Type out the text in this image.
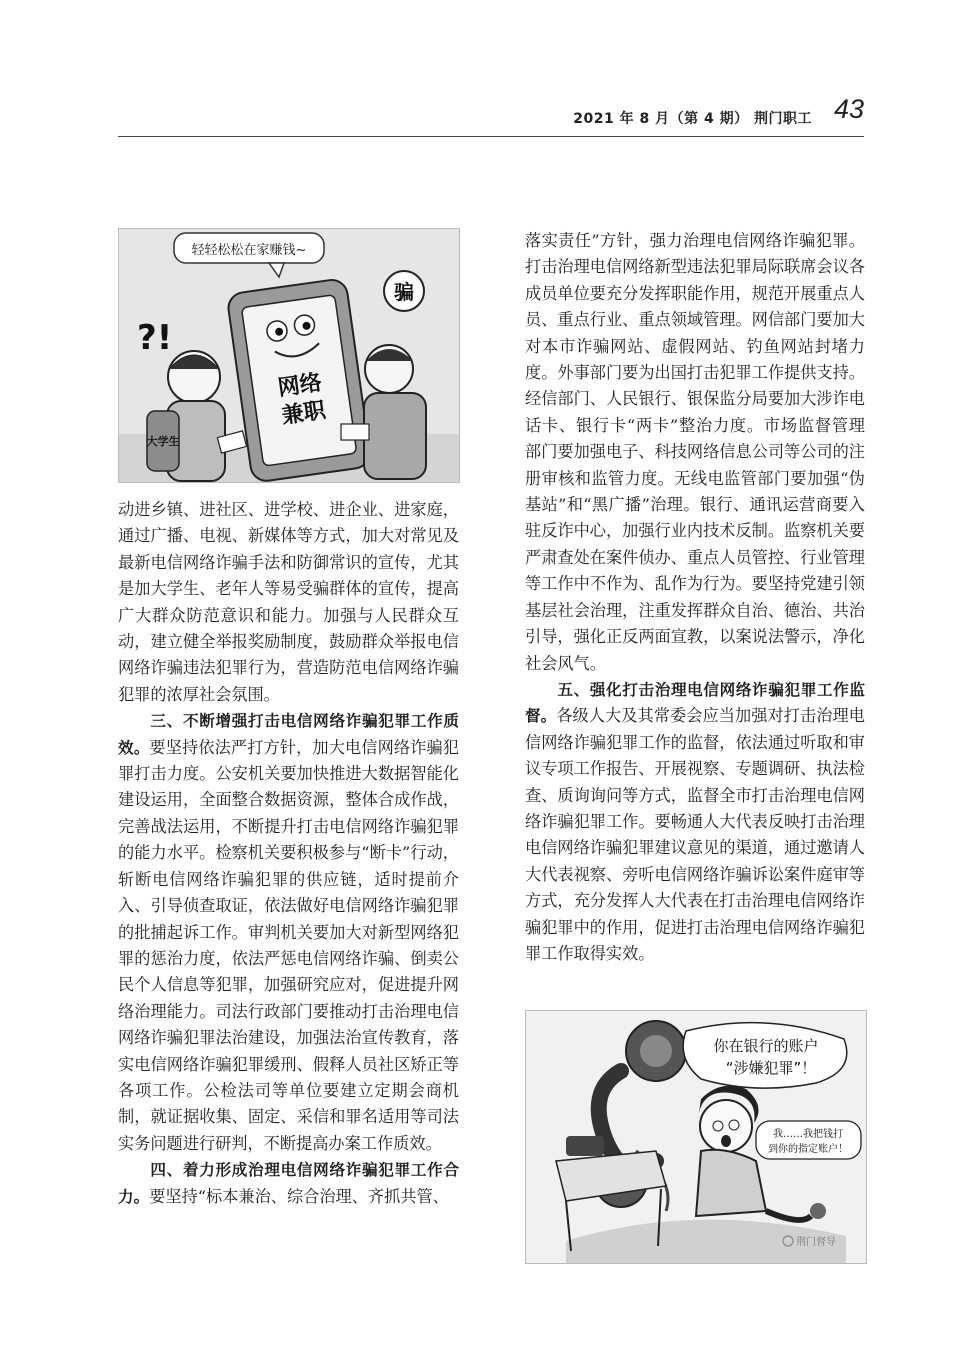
2021 年 8 月（第 4 期） 荆门职工 43
轻轻松松在家赚钱~
网络
兼职
?!
大学生
骗

动进乡镇、进社区、进学校、进企业、进家庭，通过广播、电视、新媒体等方式，加大对常见及最新电信网络诈骗手法和防御常识的宣传，尤其是加大学生、老年人等易受骗群体的宣传，提高广大群众防范意识和能力。加强与人民群众互动，建立健全举报奖励制度，鼓励群众举报电信网络诈骗违法犯罪行为，营造防范电信网络诈骗犯罪的浓厚社会氛围。

三、不断增强打击电信网络诈骗犯罪工作质效。要坚持依法严打方针，加大电信网络诈骗犯罪打击力度。公安机关要加快推进大数据智能化建设运用，全面整合数据资源，整体合成作战，完善战法运用，不断提升打击电信网络诈骗犯罪的能力水平。检察机关要积极参与“断卡”行动，斩断电信网络诈骗犯罪的供应链，适时提前介入、引导侦查取证，依法做好电信网络诈骗犯罪的批捕起诉工作。审判机关要加大对新型网络犯罪的惩治力度，依法严惩电信网络诈骗、倒卖公民个人信息等犯罪，加强研究应对，促进提升网络治理能力。司法行政部门要推动打击治理电信网络诈骗犯罪法治建设，加强法治宣传教育，落实电信网络诈骗犯罪缓刑、假释人员社区矫正等各项工作。公检法司等单位要建立定期会商机制，就证据收集、固定、采信和罪名适用等司法实务问题进行研判，不断提高办案工作质效。

四、着力形成治理电信网络诈骗犯罪工作合力。要坚持“标本兼治、综合治理、齐抓共管、

落实责任”方针，强力治理电信网络诈骗犯罪。打击治理电信网络新型违法犯罪局际联席会议各成员单位要充分发挥职能作用，规范开展重点人员、重点行业、重点领域管理。网信部门要加大对本市诈骗网站、虚假网站、钓鱼网站封堵力度。外事部门要为出国打击犯罪工作提供支持。经信部门、人民银行、银保监分局要加大涉诈电话卡、银行卡“两卡”整治力度。市场监督管理部门要加强电子、科技网络信息公司等公司的注册审核和监管力度。无线电监管部门要加强“伪基站”和“黑广播”治理。银行、通讯运营商要入驻反诈中心，加强行业内技术反制。监察机关要严肃查处在案件侦办、重点人员管控、行业管理等工作中不作为、乱作为行为。要坚持党建引领基层社会治理，注重发挥群众自治、德治、共治引导，强化正反两面宣教，以案说法警示，净化社会风气。

五、强化打击治理电信网络诈骗犯罪工作监督。各级人大及其常委会应当加强对打击治理电信网络诈骗犯罪工作的监督，依法通过听取和审议专项工作报告、开展视察、专题调研、执法检查、质询询问等方式，监督全市打击治理电信网络诈骗犯罪工作。要畅通人大代表反映打击治理电信网络诈骗犯罪建议意见的渠道，通过邀请人大代表视察、旁听电信网络诈骗诉讼案件庭审等方式，充分发挥人大代表在打击治理电信网络诈骗犯罪中的作用，促进打击治理电信网络诈骗犯罪工作取得实效。

你在银行的账户
“涉嫌犯罪”！
我……我把钱打
到你的指定账户！
荆门督导
